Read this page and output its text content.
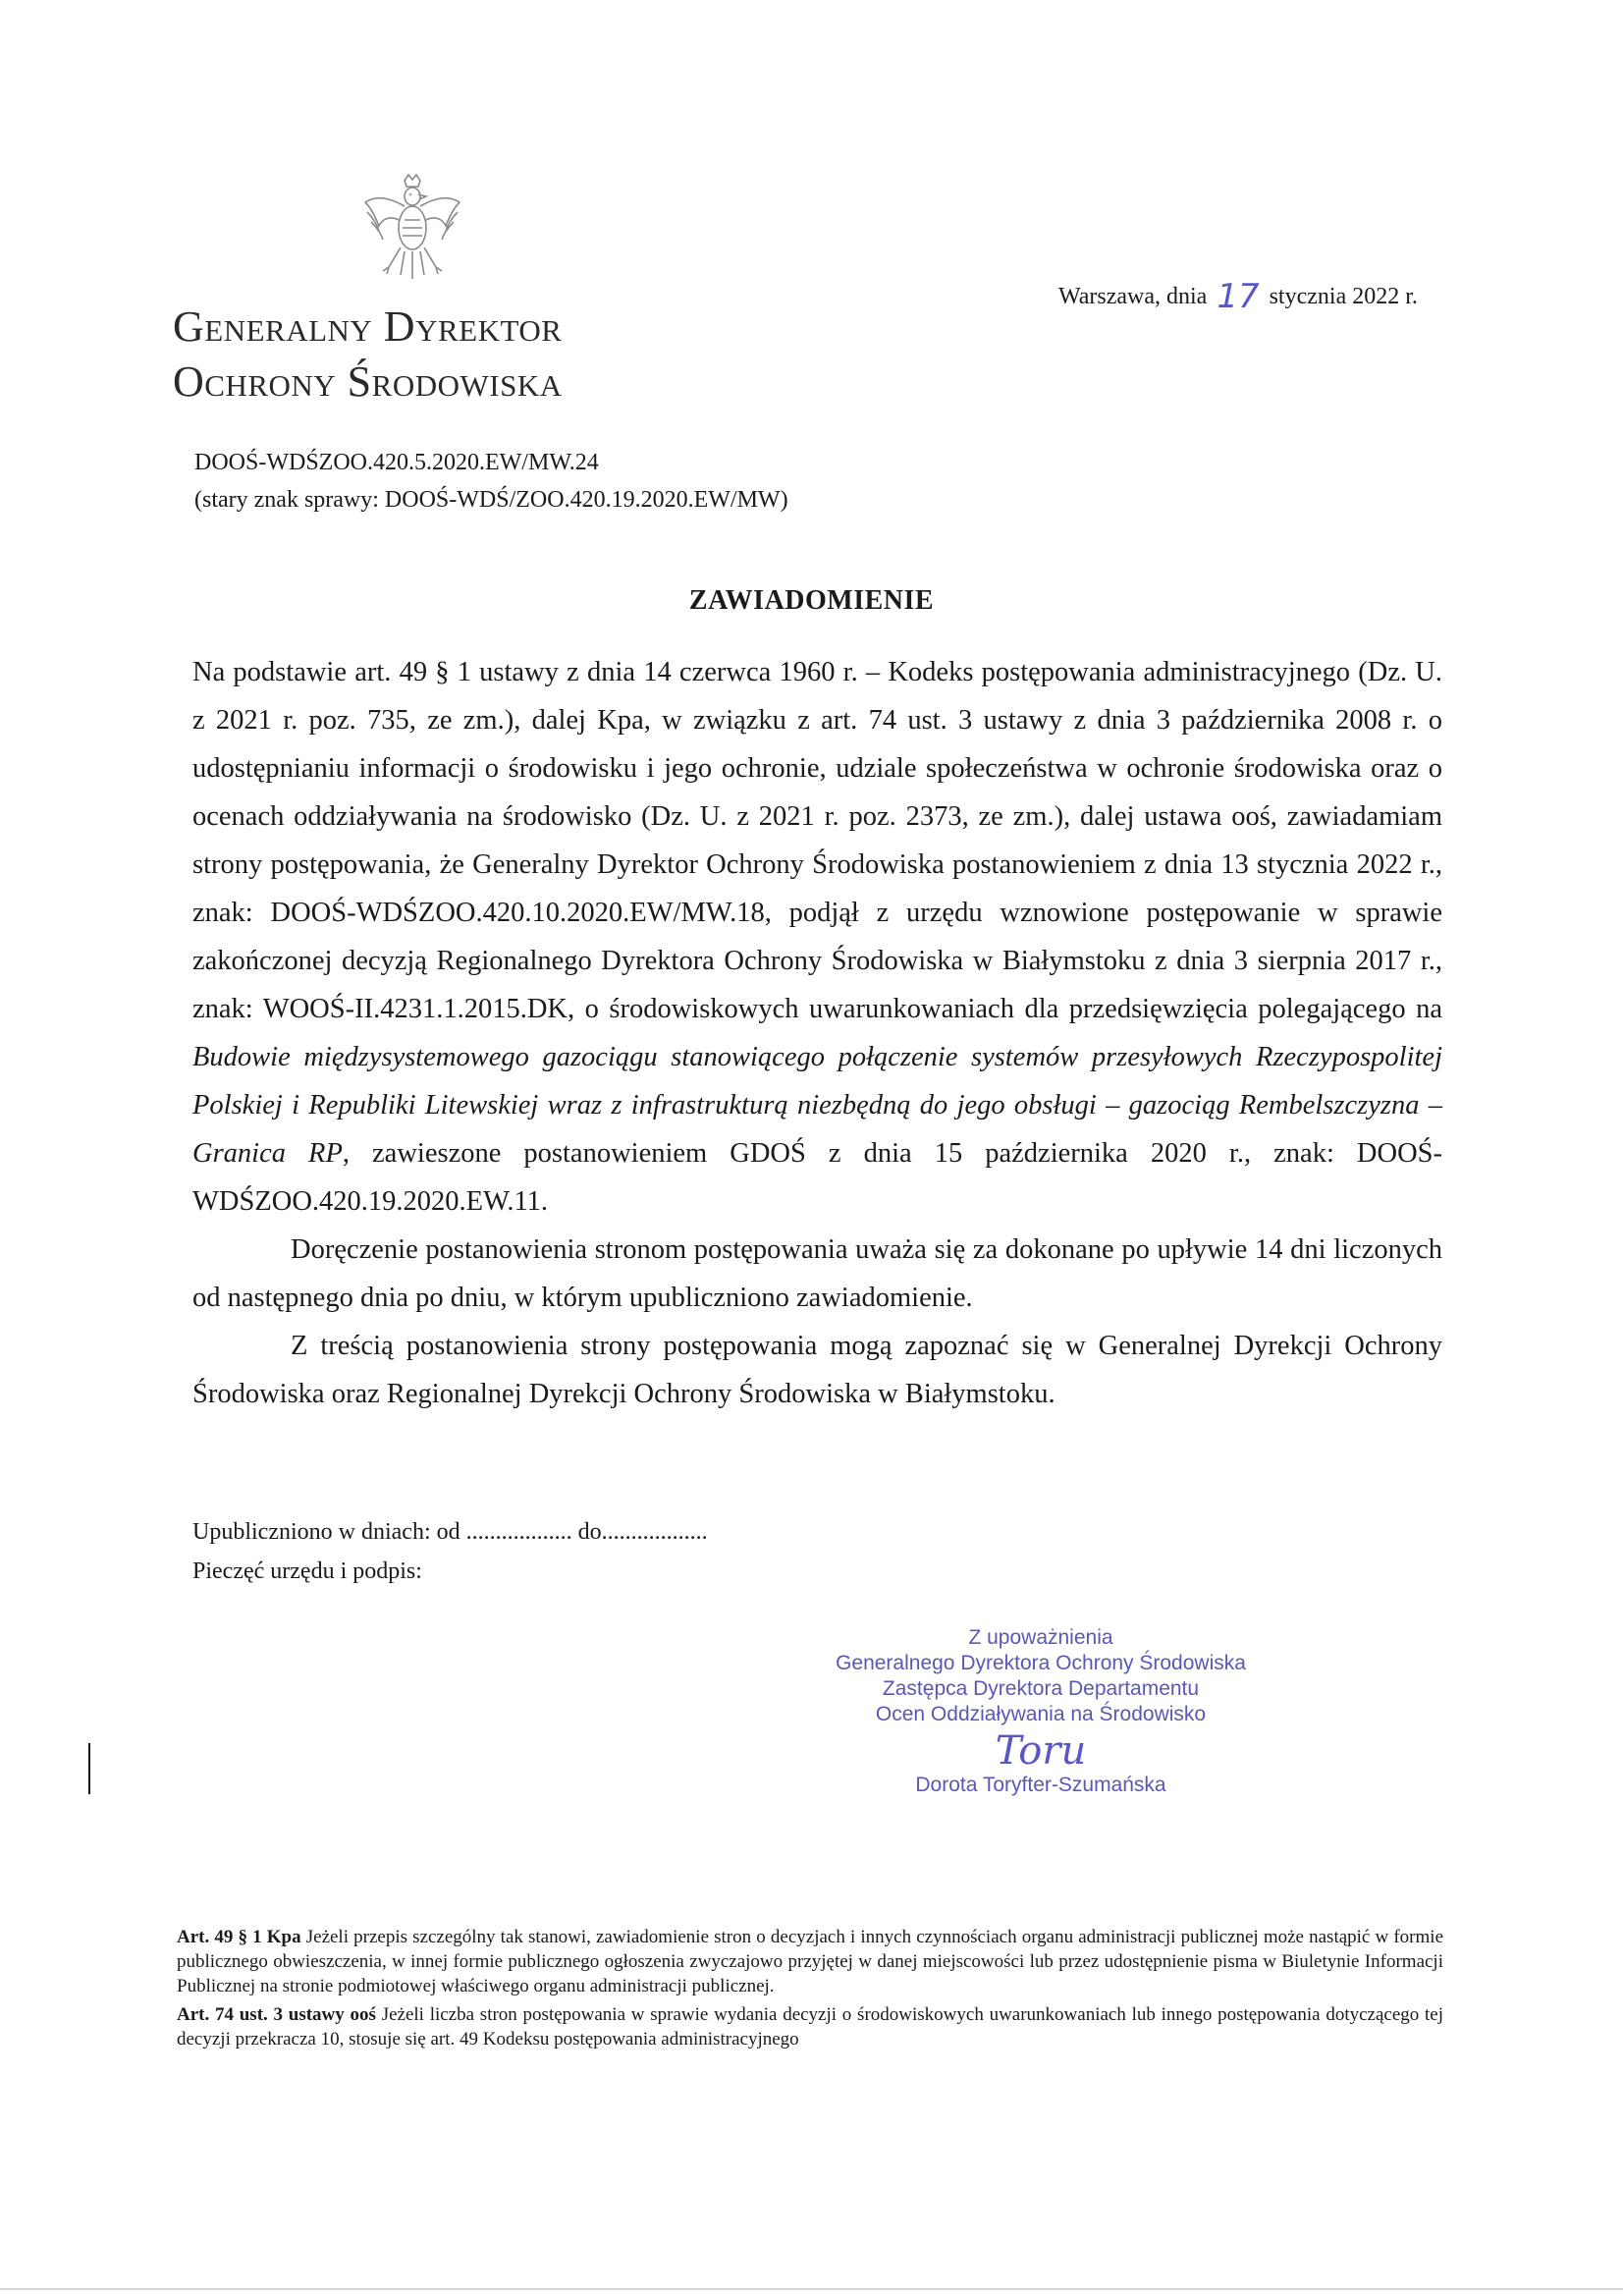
Generalny Dyrektor
Ochrony Środowiska
Warszawa, dnia 17 stycznia 2022 r.
DOOŚ-WDŚZOO.420.5.2020.EW/MW.24
(stary znak sprawy: DOOŚ-WDŚ/ZOO.420.19.2020.EW/MW)
ZAWIADOMIENIE

Na podstawie art. 49 § 1 ustawy z dnia 14 czerwca 1960 r. – Kodeks postępowania administracyjnego (Dz. U. z 2021 r. poz. 735, ze zm.), dalej Kpa, w związku z art. 74 ust. 3 ustawy z dnia 3 października 2008 r. o udostępnianiu informacji o środowisku i jego ochronie, udziale społeczeństwa w ochronie środowiska oraz o ocenach oddziaływania na środowisko (Dz. U. z 2021 r. poz. 2373, ze zm.), dalej ustawa ooś, zawiadamiam strony postępowania, że Generalny Dyrektor Ochrony Środowiska postanowieniem z dnia 13 stycznia 2022 r., znak: DOOŚ-WDŚZOO.420.10.2020.EW/MW.18, podjął z urzędu wznowione postępowanie w sprawie zakończonej decyzją Regionalnego Dyrektora Ochrony Środowiska w Białymstoku z dnia 3 sierpnia 2017 r., znak: WOOŚ-II.4231.1.2015.DK, o środowiskowych uwarunkowaniach dla przedsięwzięcia polegającego na Budowie międzysystemowego gazociągu stanowiącego połączenie systemów przesyłowych Rzeczypospolitej Polskiej i Republiki Litewskiej wraz z infrastrukturą niezbędną do jego obsługi – gazociąg Rembelszczyzna – Granica RP, zawieszone postanowieniem GDOŚ z dnia 15 października 2020 r., znak: DOOŚ-WDŚZOO.420.19.2020.EW.11.

Doręczenie postanowienia stronom postępowania uważa się za dokonane po upływie 14 dni liczonych od następnego dnia po dniu, w którym upubliczniono zawiadomienie.

Z treścią postanowienia strony postępowania mogą zapoznać się w Generalnej Dyrekcji Ochrony Środowiska oraz Regionalnej Dyrekcji Ochrony Środowiska w Białymstoku.

Upubliczniono w dniach: od .................. do..................
Pieczęć urzędu i podpis:
Z upoważnienia
Generalnego Dyrektora Ochrony Środowiska
Zastępca Dyrektora Departamentu
Ocen Oddziaływania na Środowisko
Toru
Dorota Toryfter-Szumańska

Art. 49 § 1 Kpa Jeżeli przepis szczególny tak stanowi, zawiadomienie stron o decyzjach i innych czynnościach organu administracji publicznej może nastąpić w formie publicznego obwieszczenia, w innej formie publicznego ogłoszenia zwyczajowo przyjętej w danej miejscowości lub przez udostępnienie pisma w Biuletynie Informacji Publicznej na stronie podmiotowej właściwego organu administracji publicznej.

Art. 74 ust. 3 ustawy ooś Jeżeli liczba stron postępowania w sprawie wydania decyzji o środowiskowych uwarunkowaniach lub innego postępowania dotyczącego tej decyzji przekracza 10, stosuje się art. 49 Kodeksu postępowania administracyjnego
